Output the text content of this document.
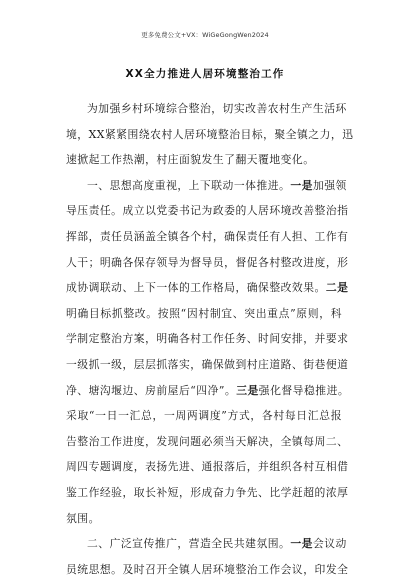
更多免费公文+VX：WiGeGongWen2024
XX全力推进人居环境整治工作
为加强乡村环境综合整治，切实改善农村生产生活环
境，XX紧紧围绕农村人居环境整治目标，聚全镇之力，迅
速掀起工作热潮，村庄面貌发生了翻天覆地变化。
一、思想高度重视，上下联动一体推进。一是加强领
导压责任。成立以党委书记为政委的人居环境改善整治指
挥部，责任员涵盖全镇各个村，确保责任有人担、工作有
人干；明确各保存领导为督导员，督促各村整改进度，形
成协调联动、上下一体的工作格局，确保整改效果。二是
明确目标抓整改。按照“因村制宜、突出重点”原则，科
学制定整治方案，明确各村工作任务、时间安排，并要求
一级抓一级，层层抓落实，确保做到村庄道路、街巷便道
净、塘沟堰边、房前屋后“四净”。三是强化督导稳推进。
采取“一日一汇总，一周两调度”方式，各村每日汇总报
告整治工作进度，发现问题必须当天解决，全镇每周二、
周四专题调度，表扬先进、通报落后，并组织各村互相借
鉴工作经验，取长补短，形成奋力争先、比学赶超的浓厚
氛围。
二、广泛宣传推广，营造全民共建氛围。一是会议动
员统思想。及时召开全镇人居环境整治工作会议，印发全
